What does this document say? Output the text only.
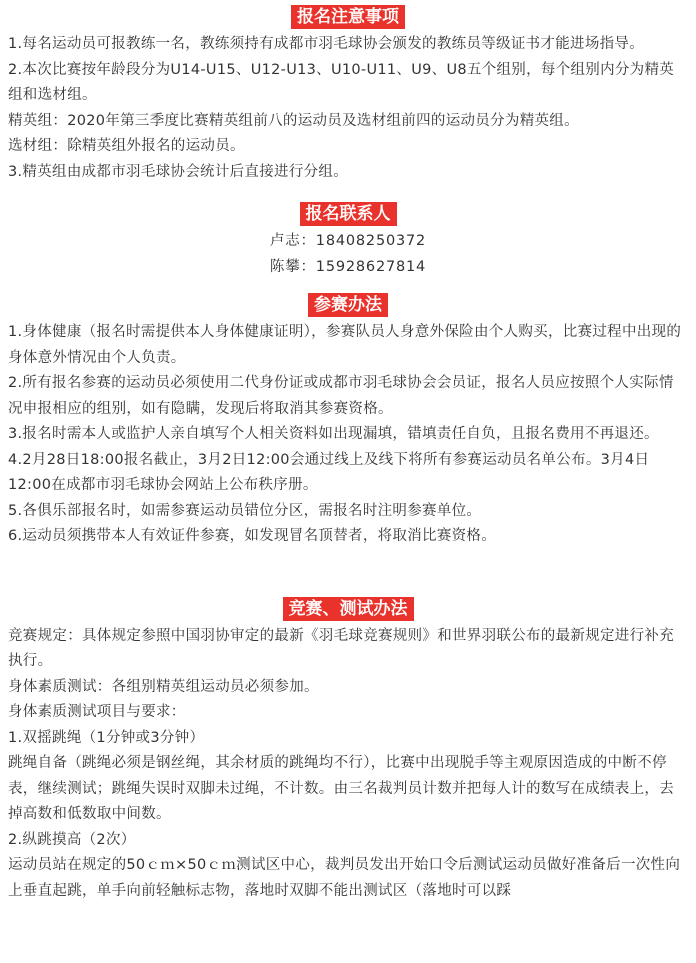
报名注意事项

1.每名运动员可报教练一名，教练须持有成都市羽毛球协会颁发的教练员等级证书才能进场指导。

2.本次比赛按年龄段分为U14-U15、U12-U13、U10-U11、U9、U8五个组别，每个组别内分为精英组和选材组。

精英组：2020年第三季度比赛精英组前八的运动员及选材组前四的运动员分为精英组。

选材组：除精英组外报名的运动员。

3.精英组由成都市羽毛球协会统计后直接进行分组。

报名联系人

卢志：18408250372

陈攀：15928627814

参赛办法

1.身体健康（报名时需提供本人身体健康证明），参赛队员人身意外保险由个人购买，比赛过程中出现的身体意外情况由个人负责。

2.所有报名参赛的运动员必须使用二代身份证或成都市羽毛球协会会员证，报名人员应按照个人实际情况申报相应的组别，如有隐瞒，发现后将取消其参赛资格。

3.报名时需本人或监护人亲自填写个人相关资料如出现漏填，错填责任自负，且报名费用不再退还。

4.2月28日18:00报名截止，3月2日12:00会通过线上及线下将所有参赛运动员名单公布。3月4日12:00在成都市羽毛球协会网站上公布秩序册。

5.各俱乐部报名时，如需参赛运动员错位分区，需报名时注明参赛单位。

6.运动员须携带本人有效证件参赛，如发现冒名顶替者，将取消比赛资格。

竞赛、测试办法

竞赛规定：具体规定参照中国羽协审定的最新《羽毛球竞赛规则》和世界羽联公布的最新规定进行补充执行。

身体素质测试：各组别精英组运动员必须参加。

身体素质测试项目与要求：

1.双摇跳绳（1分钟或3分钟）

跳绳自备（跳绳必须是钢丝绳，其余材质的跳绳均不行），比赛中出现脱手等主观原因造成的中断不停表，继续测试；跳绳失误时双脚未过绳，不计数。由三名裁判员计数并把每人计的数写在成绩表上，去掉高数和低数取中间数。

2.纵跳摸高（2次）

运动员站在规定的50ｃｍ×50ｃｍ测试区中心，裁判员发出开始口令后测试运动员做好准备后一次性向上垂直起跳，单手向前轻触标志物，落地时双脚不能出测试区（落地时可以踩
